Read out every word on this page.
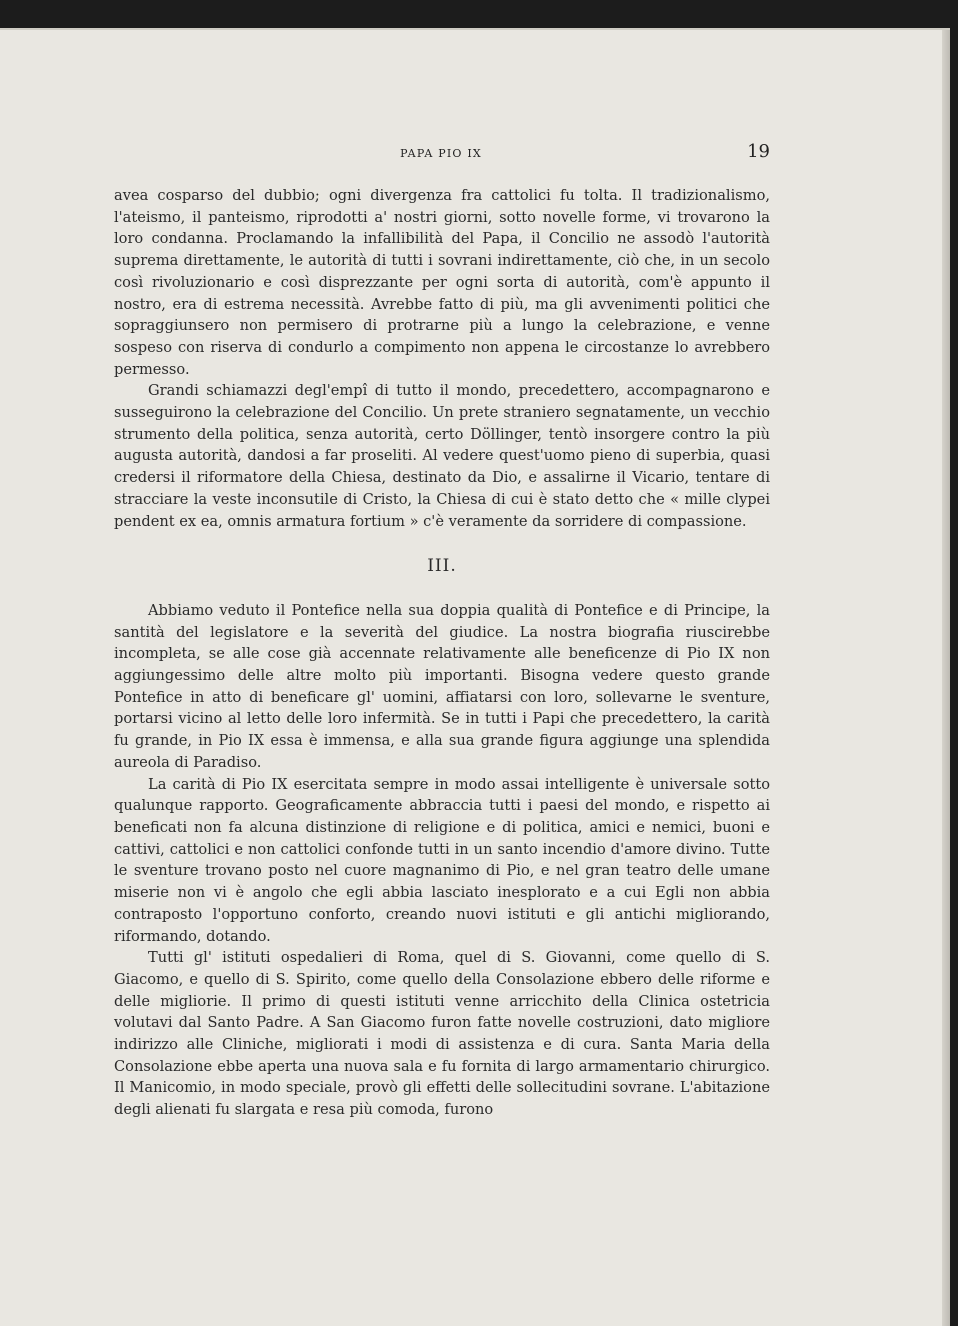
PAPA PIO IX	19

avea cosparso del dubbio; ogni divergenza fra cattolici fu tolta. Il tradizionalismo, l'ateismo, il panteismo, riprodotti a' nostri giorni, sotto novelle forme, vi trovarono la loro condanna. Proclamando la infallibilità del Papa, il Concilio ne assodò l'autorità suprema direttamente, le autorità di tutti i sovrani indirettamente, ciò che, in un secolo così rivoluzionario e così disprezzante per ogni sorta di autorità, com'è appunto il nostro, era di estrema necessità. Avrebbe fatto di più, ma gli avvenimenti politici che sopraggiunsero non permisero di protrarne più a lungo la celebrazione, e venne sospeso con riserva di condurlo a compimento non appena le circostanze lo avrebbero permesso.

Grandi schiamazzi degl'empî di tutto il mondo, precedettero, accompagnarono e susseguirono la celebrazione del Concilio. Un prete straniero segnatamente, un vecchio strumento della politica, senza autorità, certo Döllinger, tentò insorgere contro la più augusta autorità, dandosi a far proseliti. Al vedere quest'uomo pieno di superbia, quasi credersi il riformatore della Chiesa, destinato da Dio, e assalirne il Vicario, tentare di stracciare la veste inconsutile di Cristo, la Chiesa di cui è stato detto che « mille clypei pendent ex ea, omnis armatura fortium » c'è veramente da sorridere di compassione.

III.

Abbiamo veduto il Pontefice nella sua doppia qualità di Pontefice e di Principe, la santità del legislatore e la severità del giudice. La nostra biografia riuscirebbe incompleta, se alle cose già accennate relativamente alle beneficenze di Pio IX non aggiungessimo delle altre molto più importanti. Bisogna vedere questo grande Pontefice in atto di beneficare gl' uomini, affiatarsi con loro, sollevarne le sventure, portarsi vicino al letto delle loro infermità. Se in tutti i Papi che precedettero, la carità fu grande, in Pio IX essa è immensa, e alla sua grande figura aggiunge una splendida aureola di Paradiso.

La carità di Pio IX esercitata sempre in modo assai intelligente è universale sotto qualunque rapporto. Geograficamente abbraccia tutti i paesi del mondo, e rispetto ai beneficati non fa alcuna distinzione di religione e di politica, amici e nemici, buoni e cattivi, cattolici e non cattolici confonde tutti in un santo incendio d'amore divino. Tutte le sventure trovano posto nel cuore magnanimo di Pio, e nel gran teatro delle umane miserie non vi è angolo che egli abbia lasciato inesplorato e a cui Egli non abbia contraposto l'opportuno conforto, creando nuovi istituti e gli antichi migliorando, riformando, dotando.

Tutti gl' istituti ospedalieri di Roma, quel di S. Giovanni, come quello di S. Giacomo, e quello di S. Spirito, come quello della Consolazione ebbero delle riforme e delle migliorie. Il primo di questi istituti venne arricchito della Clinica ostetricia volutavi dal Santo Padre. A San Giacomo furon fatte novelle costruzioni, dato migliore indirizzo alle Cliniche, migliorati i modi di assistenza e di cura. Santa Maria della Consolazione ebbe aperta una nuova sala e fu fornita di largo armamentario chirurgico. Il Manicomio, in modo speciale, provò gli effetti delle sollecitudini sovrane. L'abitazione degli alienati fu slargata e resa più comoda, furono
